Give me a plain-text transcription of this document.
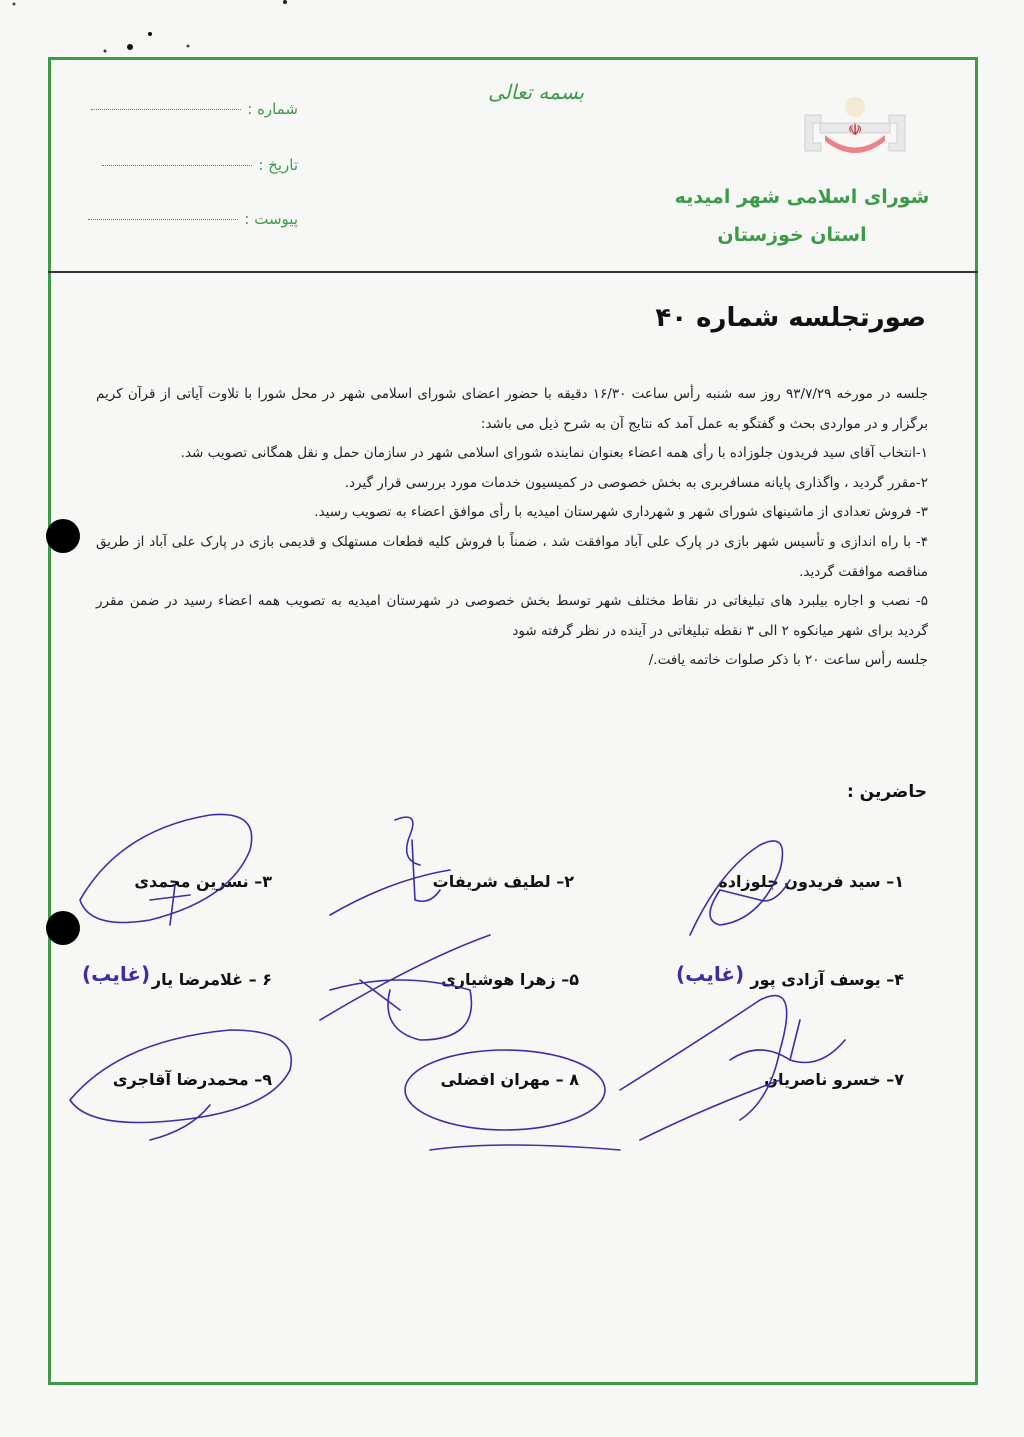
شماره :
تاریخ :
پیوست :
بسمه تعالی
☫
شورای اسلامی شهر امیدیه
استان خوزستان
صورتجلسه شماره ۴۰

جلسه در مورخه ۹۳/۷/۲۹ روز سه شنبه رأس ساعت ۱۶/۳۰ دقیقه با حضور اعضای شورای اسلامی شهر در محل شورا با تلاوت آیاتی از قرآن کریم برگزار و در مواردی بحث و گفتگو به عمل آمد که نتایج آن به شرح ذیل می باشد:

۱-انتخاب آقای سید فریدون جلوزاده با رأی همه اعضاء بعنوان نماینده شورای اسلامی شهر در سازمان حمل و نقل همگانی تصویب شد.

۲-مقرر گردید ، واگذاری پایانه مسافربری به بخش خصوصی در کمیسیون خدمات مورد بررسی قرار گیرد.

۳- فروش تعدادی از ماشینهای شورای شهر و شهرداری شهرستان امیدیه با رأی موافق اعضاء به تصویب رسید.

۴- با راه اندازی و تأسیس شهر بازی در پارک علی آباد موافقت شد ، ضمناً با فروش کلیه قطعات مستهلک و قدیمی بازی در پارک علی آباد از طریق مناقصه موافقت گردید.

۵- نصب و اجاره بیلبرد های تبلیغاتی در نقاط مختلف شهر توسط بخش خصوصی در شهرستان امیدیه به تصویب همه اعضاء رسید در ضمن مقرر گردید برای شهر میانکوه ۲ الی ۳ نقطه تبلیغاتی در آینده در نظر گرفته شود

جلسه رأس ساعت ۲۰ با ذکر صلوات خاتمه یافت./

حاضرین :
۱– سید فریدون جلوزاده
۲– لطیف شریفات
۳– نسرین محمدی
۴– یوسف آزادی پور
۵– زهرا هوشیاری
۶ – غلامرضا یار
۷– خسرو ناصریان
۸ – مهران افضلی
۹– محمدرضا آقاجری
(غایب)
(غایب)
